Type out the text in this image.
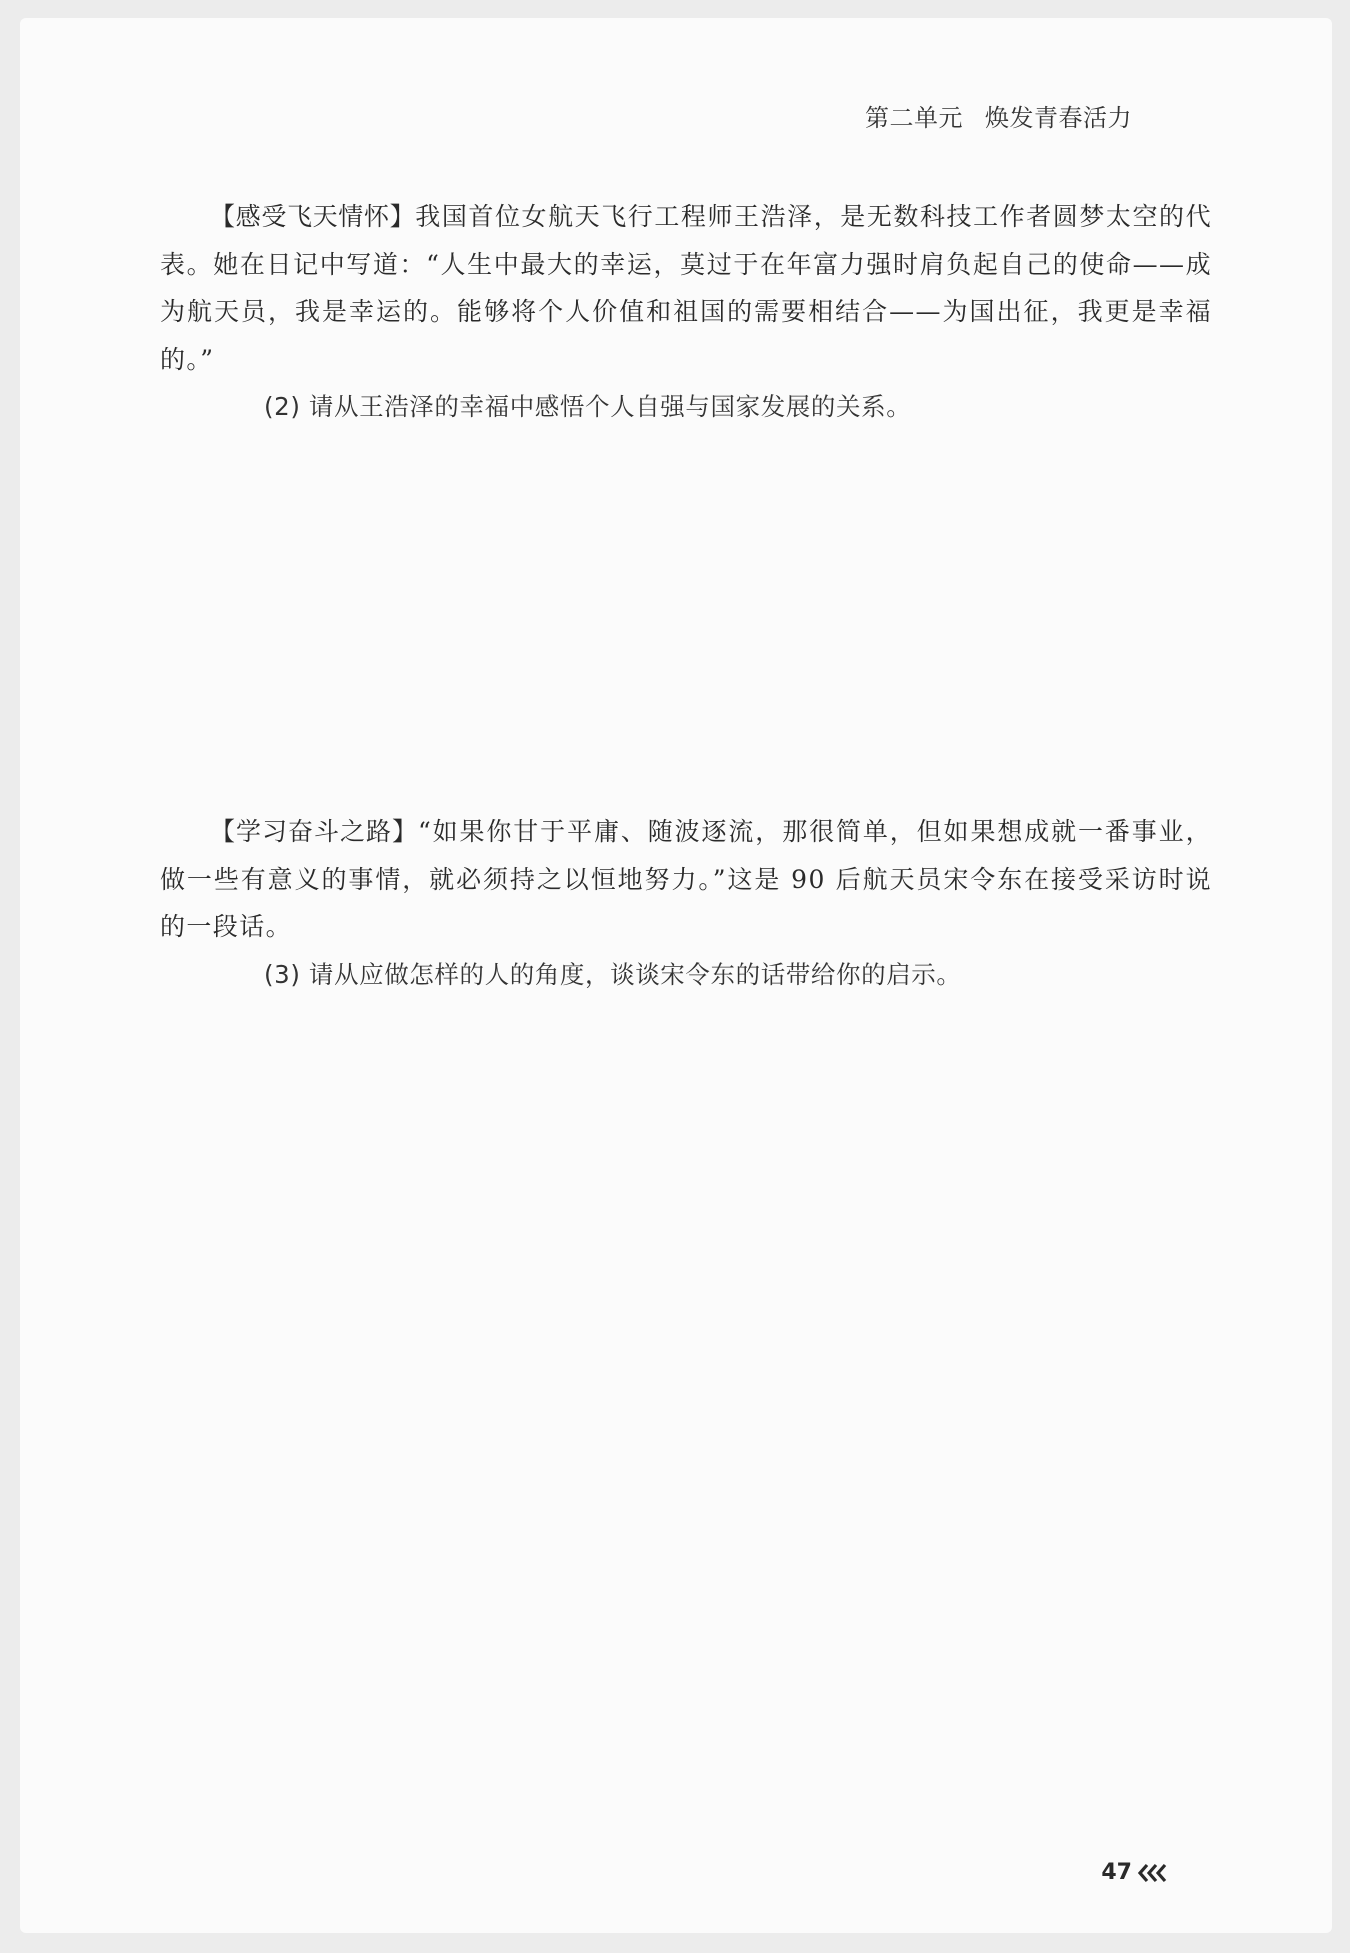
第二单元 焕发青春活力

【感受飞天情怀】我国首位女航天飞行工程师王浩泽，是无数科技工作者圆梦太空的代表。她在日记中写道：“人生中最大的幸运，莫过于在年富力强时肩负起自己的使命——成为航天员，我是幸运的。能够将个人价值和祖国的需要相结合——为国出征，我更是幸福的。”

(2) 请从王浩泽的幸福中感悟个人自强与国家发展的关系。

【学习奋斗之路】“如果你甘于平庸、随波逐流，那很简单，但如果想成就一番事业，做一些有意义的事情，就必须持之以恒地努力。”这是 90 后航天员宋令东在接受采访时说的一段话。

(3) 请从应做怎样的人的角度，谈谈宋令东的话带给你的启示。

47
